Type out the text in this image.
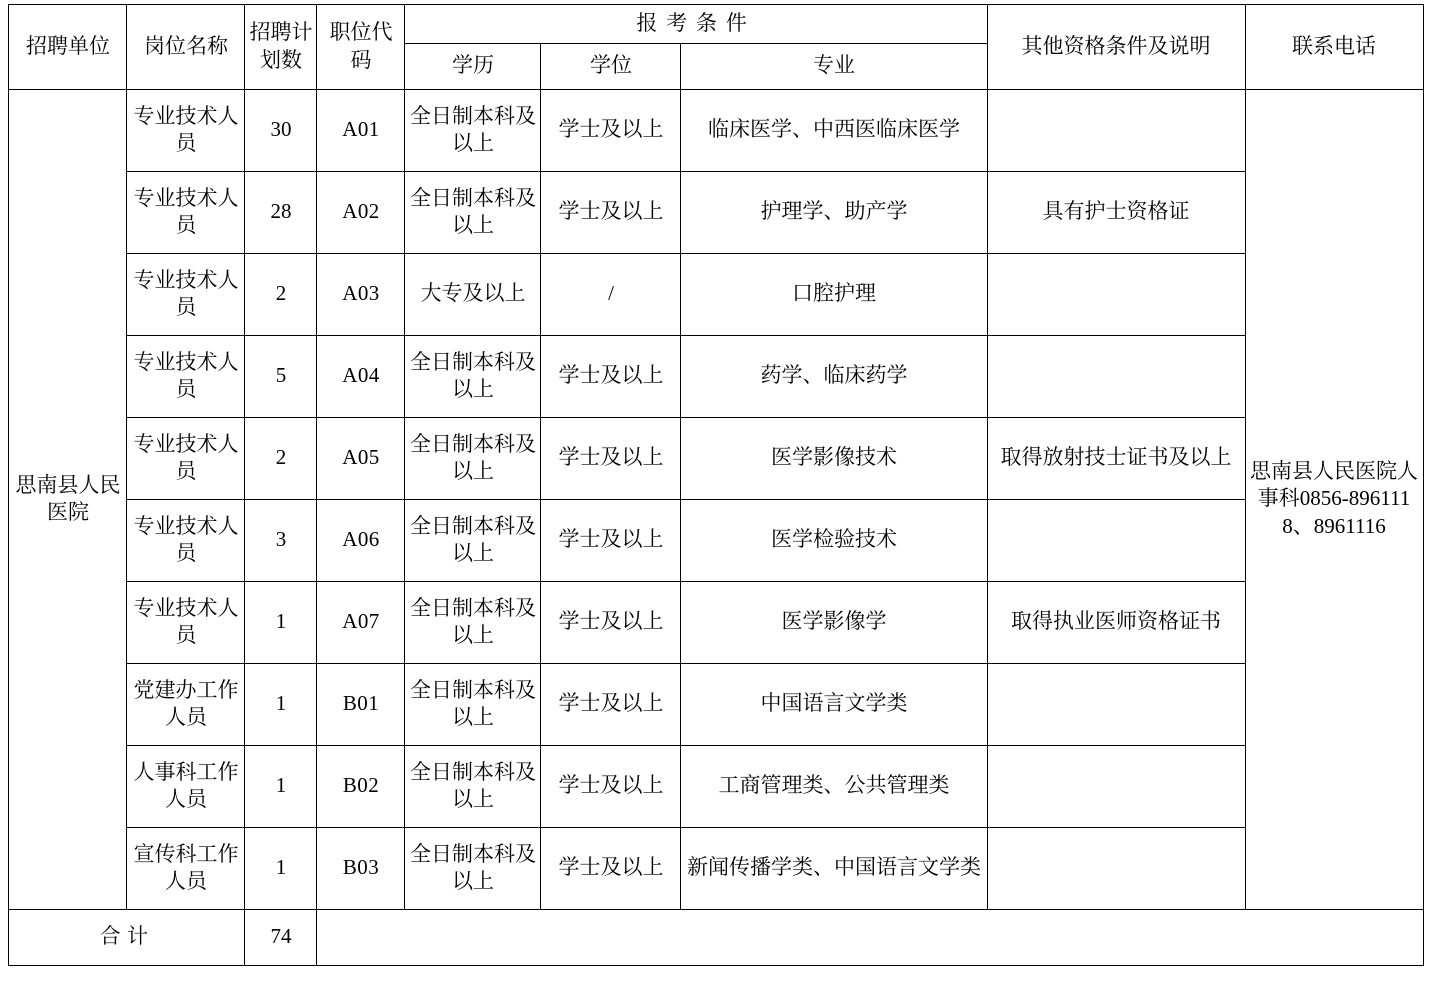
招聘单位	岗位名称	招聘计划数	职位代码	报考条件			其他资格条件及说明	联系电话
				学历	学位	专业		
思南县人民医院	专业技术人员	30	A01	全日制本科及以上	学士及以上	临床医学、中西医临床医学		思南县人民医院人事科0856-8961118、8961116
	专业技术人员	28	A02	全日制本科及以上	学士及以上	护理学、助产学	具有护士资格证	
	专业技术人员	2	A03	大专及以上	/	口腔护理		
	专业技术人员	5	A04	全日制本科及以上	学士及以上	药学、临床药学		
	专业技术人员	2	A05	全日制本科及以上	学士及以上	医学影像技术	取得放射技士证书及以上	
	专业技术人员	3	A06	全日制本科及以上	学士及以上	医学检验技术		
	专业技术人员	1	A07	全日制本科及以上	学士及以上	医学影像学	取得执业医师资格证书	
	党建办工作人员	1	B01	全日制本科及以上	学士及以上	中国语言文学类		
	人事科工作人员	1	B02	全日制本科及以上	学士及以上	工商管理类、公共管理类		
	宣传科工作人员	1	B03	全日制本科及以上	学士及以上	新闻传播学类、中国语言文学类		
合计		74						
